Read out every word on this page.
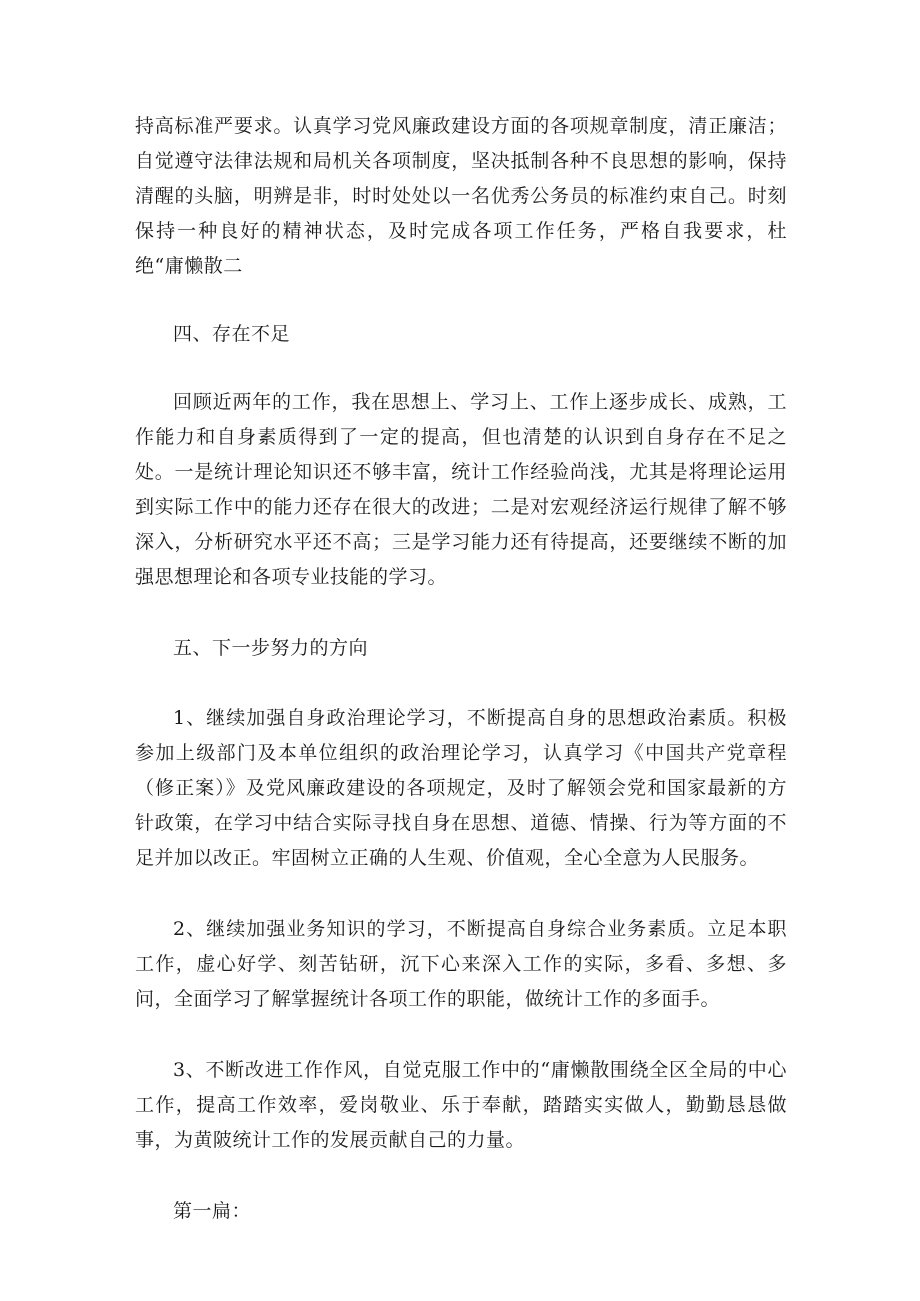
持高标准严要求。认真学习党风廉政建设方面的各项规章制度，清正廉洁；自觉遵守法律法规和局机关各项制度，坚决抵制各种不良思想的影响，保持清醒的头脑，明辨是非，时时处处以一名优秀公务员的标准约束自己。时刻保持一种良好的精神状态，及时完成各项工作任务，严格自我要求，杜绝“庸懒散二

四、存在不足

回顾近两年的工作，我在思想上、学习上、工作上逐步成长、成熟，工作能力和自身素质得到了一定的提高，但也清楚的认识到自身存在不足之处。一是统计理论知识还不够丰富，统计工作经验尚浅，尤其是将理论运用到实际工作中的能力还存在很大的改进；二是对宏观经济运行规律了解不够深入，分析研究水平还不高；三是学习能力还有待提高，还要继续不断的加强思想理论和各项专业技能的学习。

五、下一步努力的方向

1、继续加强自身政治理论学习，不断提高自身的思想政治素质。积极参加上级部门及本单位组织的政治理论学习，认真学习《中国共产党章程（修正案）》及党风廉政建设的各项规定，及时了解领会党和国家最新的方针政策，在学习中结合实际寻找自身在思想、道德、情操、行为等方面的不足并加以改正。牢固树立正确的人生观、价值观，全心全意为人民服务。

2、继续加强业务知识的学习，不断提高自身综合业务素质。立足本职工作，虚心好学、刻苦钻研，沉下心来深入工作的实际，多看、多想、多问，全面学习了解掌握统计各项工作的职能，做统计工作的多面手。

3、不断改进工作作风，自觉克服工作中的“庸懒散围绕全区全局的中心工作，提高工作效率，爱岗敬业、乐于奉献，踏踏实实做人，勤勤恳恳做事，为黄陂统计工作的发展贡献自己的力量。

第一扁：
